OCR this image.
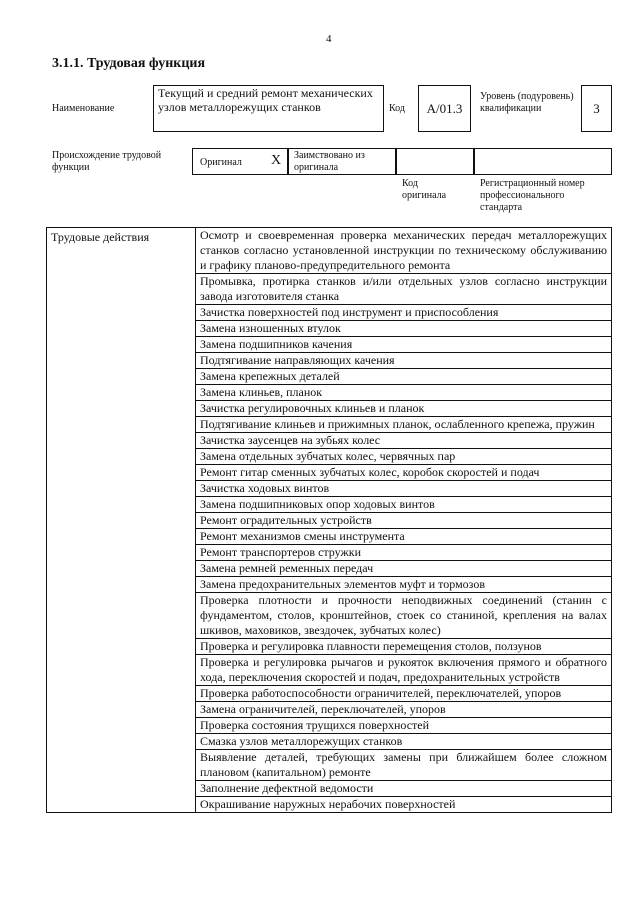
4
3.1.1. Трудовая функция
Наименование
Текущий и средний ремонт механических узлов металлорежущих станков	Код	A/01.3
Уровень (подуровень) квалификации	3
Происхождение трудовой функции	Оригинал X Заимствовано из оригинала
Код оригинала
Регистрационный номер профессионального стандарта
Трудовые действия	Осмотр и своевременная проверка механических передач металлорежущих станков согласно установленной инструкции по техническому обслуживанию и графику планово-предупредительного ремонта
Промывка, протирка станков и/или отдельных узлов согласно инструкции завода изготовителя станка
Зачистка поверхностей под инструмент и приспособления
Замена изношенных втулок
Замена подшипников качения
Подтягивание направляющих качения
Замена крепежных деталей
Замена клиньев, планок
Зачистка регулировочных клиньев и планок
Подтягивание клиньев и прижимных планок, ослабленного крепежа, пружин
Зачистка заусенцев на зубьях колес
Замена отдельных зубчатых колес, червячных пар
Ремонт гитар сменных зубчатых колес, коробок скоростей и подач
Зачистка ходовых винтов
Замена подшипниковых опор ходовых винтов
Ремонт оградительных устройств
Ремонт механизмов смены инструмента
Ремонт транспортеров стружки
Замена ремней ременных передач
Замена предохранительных элементов муфт и тормозов
Проверка плотности и прочности неподвижных соединений (станин с фундаментом, столов, кронштейнов, стоек со станиной, крепления на валах шкивов, маховиков, звездочек, зубчатых колес)
Проверка и регулировка плавности перемещения столов, ползунов
Проверка и регулировка рычагов и рукояток включения прямого и обратного хода, переключения скоростей и подач, предохранительных устройств
Проверка работоспособности ограничителей, переключателей, упоров
Замена ограничителей, переключателей, упоров
Проверка состояния трущихся поверхностей
Смазка узлов металлорежущих станков
Выявление деталей, требующих замены при ближайшем более сложном плановом (капитальном) ремонте
Заполнение дефектной ведомости
Окрашивание наружных нерабочих поверхностей
